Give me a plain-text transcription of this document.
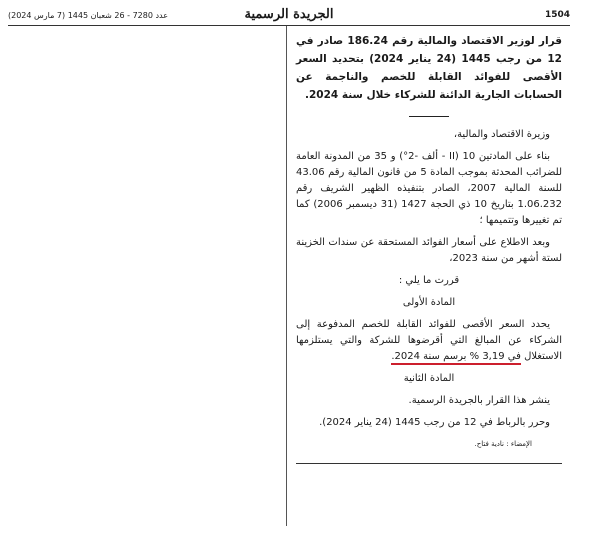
عدد 7280 - 26 شعبان 1445 (7 مارس 2024)	الجريدة الرسمية	1504

قرار لوزير الاقتصاد والمالية رقم 186.24 صادر في 12 من رجب 1445 (24 يناير 2024) بتحديد السعر الأقصى للفوائد القابلة للخصم والناجمة عن الحسابات الجارية الدائنة للشركاء خلال سنة 2024.

وزيرة الاقتصاد والمالية،

بناء على المادتين 10 (II - ألف -2°) و 35 من المدونة العامة للضرائب المحدثة بموجب المادة 5 من قانون المالية رقم 43.06 للسنة المالية 2007، الصادر بتنفيذه الظهير الشريف رقم 1.06.232 بتاريخ 10 ذي الحجة 1427 (31 ديسمبر 2006) كما تم تغييرها وتتميمها ؛

وبعد الاطلاع على أسعار الفوائد المستحقة عن سندات الخزينة لستة أشهر من سنة 2023،

قررت ما يلي :

المادة الأولى

يحدد السعر الأقصى للفوائد القابلة للخصم المدفوعة إلى الشركاء عن المبالغ التي أقرضوها للشركة والتي يستلزمها الاستغلال في 3,19 % برسم سنة 2024.

المادة الثانية

ينشر هذا القرار بالجريدة الرسمية.

وحرر بالرباط في 12 من رجب 1445 (24 يناير 2024).

الإمضاء : نادية فتاح.
